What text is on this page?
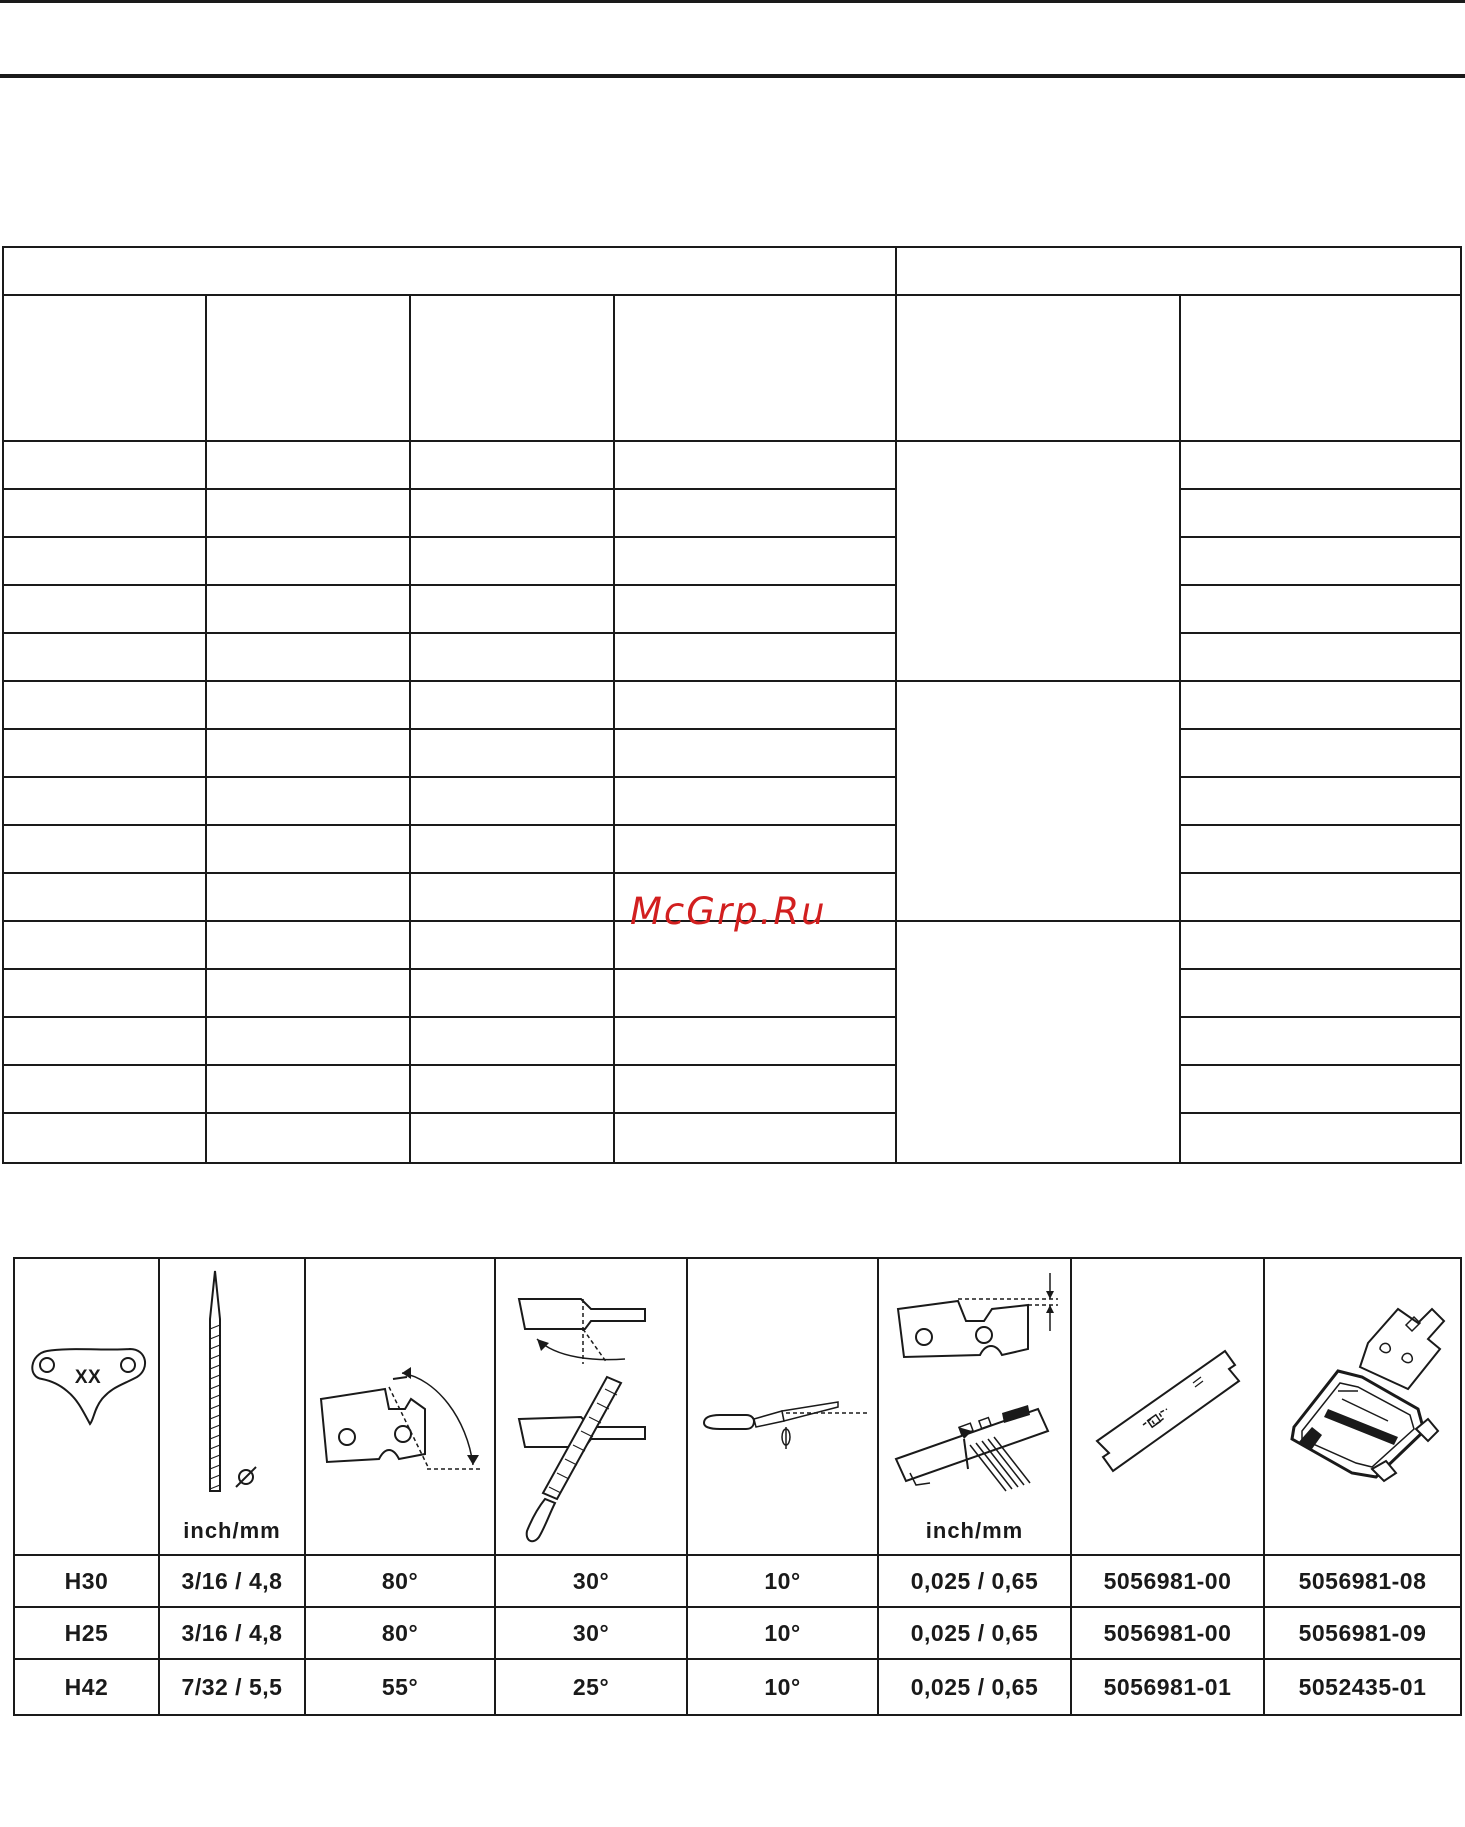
McGrp.Ru
XX	inch/mm				inch/mm

H30	3/16 / 4,8	80°	30°	10°	0,025 / 0,65	5056981-00	5056981-08
H25	3/16 / 4,8	80°	30°	10°	0,025 / 0,65	5056981-00	5056981-09
H42	7/32 / 5,5	55°	25°	10°	0,025 / 0,65	5056981-01	5052435-01
